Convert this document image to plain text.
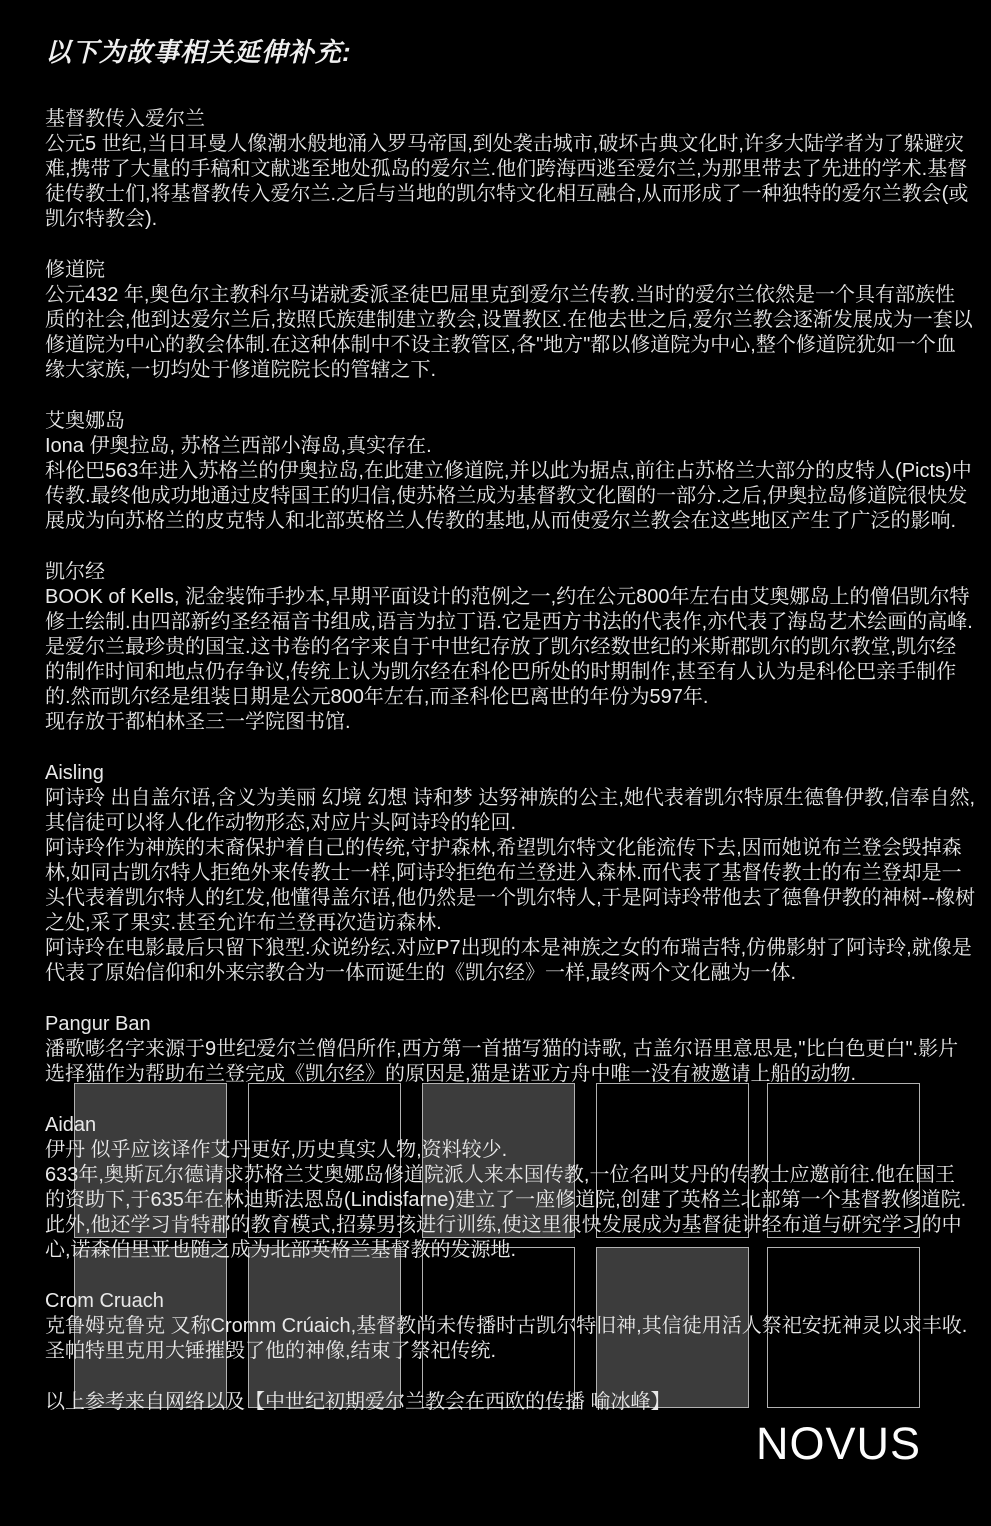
以下为故事相关延伸补充:
基督教传入爱尔兰

公元5 世纪,当日耳曼人像潮水般地涌入罗马帝国,到处袭击城市,破坏古典文化时,许多大陆学者为了躲避灾难,携带了大量的手稿和文献逃至地处孤岛的爱尔兰.他们跨海西逃至爱尔兰,为那里带去了先进的学术.基督徒传教士们,将基督教传入爱尔兰.之后与当地的凯尔特文化相互融合,从而形成了一种独特的爱尔兰教会(或凯尔特教会).

修道院

公元432 年,奥色尔主教科尔马诺就委派圣徒巴屈里克到爱尔兰传教.当时的爱尔兰依然是一个具有部族性质的社会,他到达爱尔兰后,按照氏族建制建立教会,设置教区.在他去世之后,爱尔兰教会逐渐发展成为一套以修道院为中心的教会体制.在这种体制中不设主教管区,各"地方"都以修道院为中心,整个修道院犹如一个血缘大家族,一切均处于修道院院长的管辖之下.

艾奥娜岛

Iona 伊奥拉岛, 苏格兰西部小海岛,真实存在.

科伦巴563年进入苏格兰的伊奥拉岛,在此建立修道院,并以此为据点,前往占苏格兰大部分的皮特人(Picts)中传教.最终他成功地通过皮特国王的归信,使苏格兰成为基督教文化圈的一部分.之后,伊奥拉岛修道院很快发展成为向苏格兰的皮克特人和北部英格兰人传教的基地,从而使爱尔兰教会在这些地区产生了广泛的影响.

凯尔经

BOOK of Kells, 泥金装饰手抄本,早期平面设计的范例之一,约在公元800年左右由艾奥娜岛上的僧侣凯尔特修士绘制.由四部新约圣经福音书组成,语言为拉丁语.它是西方书法的代表作,亦代表了海岛艺术绘画的高峰.是爱尔兰最珍贵的国宝.这书卷的名字来自于中世纪存放了凯尔经数世纪的米斯郡凯尔的凯尔教堂,凯尔经的制作时间和地点仍存争议,传统上认为凯尔经在科伦巴所处的时期制作,甚至有人认为是科伦巴亲手制作的.然而凯尔经是组装日期是公元800年左右,而圣科伦巴离世的年份为597年.

现存放于都柏林圣三一学院图书馆.

Aisling

阿诗玲 出自盖尔语,含义为美丽 幻境 幻想 诗和梦 达努神族的公主,她代表着凯尔特原生德鲁伊教,信奉自然,其信徒可以将人化作动物形态,对应片头阿诗玲的轮回.

阿诗玲作为神族的末裔保护着自己的传统,守护森林,希望凯尔特文化能流传下去,因而她说布兰登会毁掉森林,如同古凯尔特人拒绝外来传教士一样,阿诗玲拒绝布兰登进入森林.而代表了基督传教士的布兰登却是一头代表着凯尔特人的红发,他懂得盖尔语,他仍然是一个凯尔特人,于是阿诗玲带他去了德鲁伊教的神树--橡树之处,采了果实.甚至允许布兰登再次造访森林.

阿诗玲在电影最后只留下狼型.众说纷纭.对应P7出现的本是神族之女的布瑞吉特,仿佛影射了阿诗玲,就像是代表了原始信仰和外来宗教合为一体而诞生的《凯尔经》一样,最终两个文化融为一体.

Pangur Ban

潘歌嘭名字来源于9世纪爱尔兰僧侣所作,西方第一首描写猫的诗歌, 古盖尔语里意思是,"比白色更白".影片选择猫作为帮助布兰登完成《凯尔经》的原因是,猫是诺亚方舟中唯一没有被邀请上船的动物.

Aidan

伊丹 似乎应该译作艾丹更好,历史真实人物,资料较少.

633年,奥斯瓦尔德请求苏格兰艾奥娜岛修道院派人来本国传教,一位名叫艾丹的传教士应邀前往.他在国王的资助下,于635年在林迪斯法恩岛(Lindisfarne)建立了一座修道院,创建了英格兰北部第一个基督教修道院.此外,他还学习肯特郡的教育模式,招募男孩进行训练,使这里很快发展成为基督徒讲经布道与研究学习的中心,诺森伯里亚也随之成为北部英格兰基督教的发源地.

Crom Cruach

克鲁姆克鲁克 又称Cromm Crúaich,基督教尚未传播时古凯尔特旧神,其信徒用活人祭祀安抚神灵以求丰收.圣帕特里克用大锤摧毁了他的神像,结束了祭祀传统.

以上参考来自网络以及【中世纪初期爱尔兰教会在西欧的传播 喻冰峰】

NOVUS
